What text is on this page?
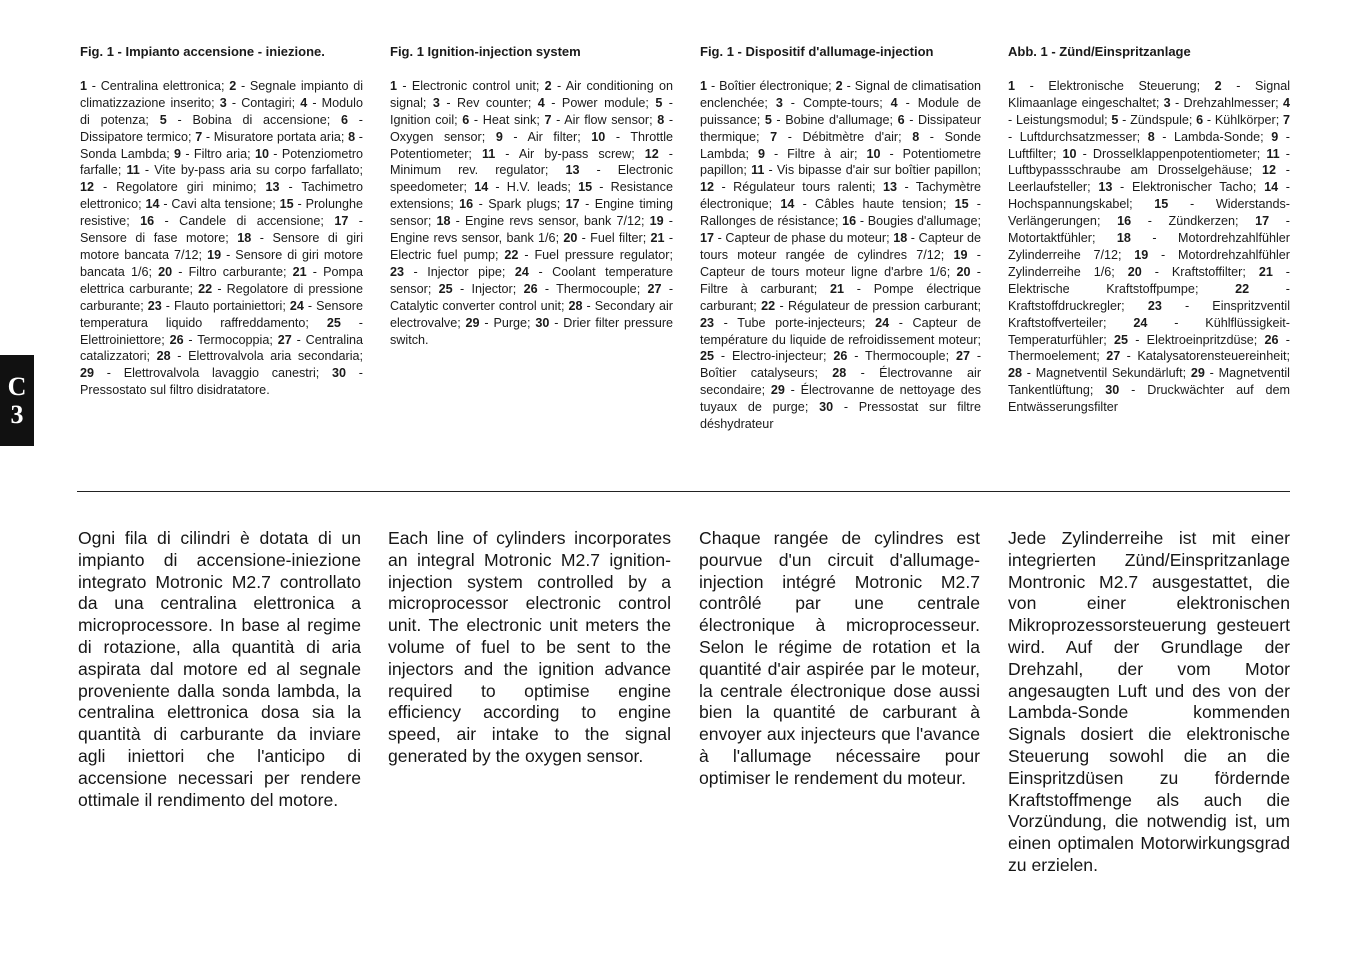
C
3
Fig. 1 - Impianto accensione - iniezione.
1 - Centralina elettronica; 2 - Segnale impianto di climatizzazione inserito; 3 - Contagiri; 4 - Modulo di potenza; 5 - Bobina di accensione; 6 - Dissipatore termico; 7 - Misuratore portata aria; 8 - Sonda Lambda; 9 - Filtro aria; 10 - Potenziometro farfalle; 11 - Vite by-pass aria su corpo farfallato; 12 - Regolatore giri minimo; 13 - Tachimetro elettronico; 14 - Cavi alta tensione; 15 - Prolunghe resistive; 16 - Candele di accensione; 17 - Sensore di fase motore; 18 - Sensore di giri motore bancata 7/12; 19 - Sensore di giri motore bancata 1/6; 20 - Filtro carburante; 21 - Pompa elettrica carburante; 22 - Regolatore di pressione carburante; 23 - Flauto portainiettori; 24 - Sensore temperatura liquido raffreddamento; 25 - Elettroiniettore; 26 - Termocoppia; 27 - Centralina catalizzatori; 28 - Elettrovalvola aria secondaria; 29 - Elettrovalvola lavaggio canestri; 30 - Pressostato sul filtro disidratatore.
Fig. 1 Ignition-injection system
1 - Electronic control unit; 2 - Air conditioning on signal; 3 - Rev counter; 4 - Power module; 5 - Ignition coil; 6 - Heat sink; 7 - Air flow sensor; 8 - Oxygen sensor; 9 - Air filter; 10 - Throttle Potentiometer; 11 - Air by-pass screw; 12 - Minimum rev. regulator; 13 - Electronic speedometer; 14 - H.V. leads; 15 - Resistance extensions; 16 - Spark plugs; 17 - Engine timing sensor; 18 - Engine revs sensor, bank 7/12; 19 - Engine revs sensor, bank 1/6; 20 - Fuel filter; 21 - Electric fuel pump; 22 - Fuel pressure regulator; 23 - Injector pipe; 24 - Coolant temperature sensor; 25 - Injector; 26 - Thermocouple; 27 - Catalytic converter control unit; 28 - Secondary air electrovalve; 29 - Purge; 30 - Drier filter pressure switch.
Fig. 1 - Dispositif d'allumage-injection
1 - Boîtier électronique; 2 - Signal de climatisation enclenchée; 3 - Compte-tours; 4 - Module de puissance; 5 - Bobine d'allumage; 6 - Dissipateur thermique; 7 - Débitmètre d'air; 8 - Sonde Lambda; 9 - Filtre à air; 10 - Potentiometre papillon; 11 - Vis bipasse d'air sur boîtier papillon; 12 - Régulateur tours ralenti; 13 - Tachymètre électronique; 14 - Câbles haute tension; 15 - Rallonges de résistance; 16 - Bougies d'allumage; 17 - Capteur de phase du moteur; 18 - Capteur de tours moteur rangée de cylindres 7/12; 19 - Capteur de tours moteur ligne d'arbre 1/6; 20 - Filtre à carburant; 21 - Pompe électrique carburant; 22 - Régulateur de pression carburant; 23 - Tube porte-injecteurs; 24 - Capteur de température du liquide de refroidissement moteur; 25 - Electro-injecteur; 26 - Thermocouple; 27 - Boîtier catalyseurs; 28 - Électrovanne air secondaire; 29 - Électrovanne de nettoyage des tuyaux de purge; 30 - Pressostat sur filtre déshydrateur
Abb. 1 - Zünd/Einspritzanlage
1 - Elektronische Steuerung; 2 - Signal Klimaanlage eingeschaltet; 3 - Drehzahlmesser; 4 - Leistungsmodul; 5 - Zündspule; 6 - Kühlkörper; 7 - Luftdurchsatzmesser; 8 - Lambda-Sonde; 9 - Luftfilter; 10 - Drosselklappenpotentiometer; 11 - Luftbypassschraube am Drosselgehäuse; 12 - Leerlaufsteller; 13 - Elektronischer Tacho; 14 - Hochspannungskabel; 15 - Widerstands-Verlängerungen; 16 - Zündkerzen; 17 - Motortaktfühler; 18 - Motordrehzahlfühler Zylinderreihe 7/12; 19 - Motordrehzahlfühler Zylinderreihe 1/6; 20 - Kraftstoffilter; 21 - Elektrische Kraftstoffpumpe; 22 - Kraftstoffdruckregler; 23 - Einspritzventil Kraftstoffverteiler; 24 - Kühlflüssigkeit-Temperaturfühler; 25 - Elektroeinpritzdüse; 26 - Thermoelement; 27 - Katalysatorensteuereinheit; 28 - Magnetventil Sekundärluft; 29 - Magnetventil Tankentlüftung; 30 - Druckwächter auf dem Entwässerungsfilter
Ogni fila di cilindri è dotata di un impianto di accensione-iniezione integrato Motronic M2.7 controllato da una centralina elettronica a microprocessore. In base al regime di rotazione, alla quantità di aria aspirata dal motore ed al segnale proveniente dalla sonda lambda, la centralina elettronica dosa sia la quantità di carburante da inviare agli iniettori che l'anticipo di accensione necessari per rendere ottimale il rendimento del motore.
Each line of cylinders incorporates an integral Motronic M2.7 ignition-injection system controlled by a microprocessor electronic control unit. The electronic unit meters the volume of fuel to be sent to the injectors and the ignition advance required to optimise engine efficiency according to engine speed, air intake to the signal generated by the oxygen sensor.
Chaque rangée de cylindres est pourvue d'un circuit d'allumage-injection intégré Motronic M2.7 contrôlé par une centrale électronique à microprocesseur. Selon le régime de rotation et la quantité d'air aspirée par le moteur, la centrale électronique dose aussi bien la quantité de carburant à envoyer aux injecteurs que l'avance à l'allumage nécessaire pour optimiser le rendement du moteur.
Jede Zylinderreihe ist mit einer integrierten Zünd/Einspritzanlage Montronic M2.7 ausgestattet, die von einer elektronischen Mikroprozessorsteuerung gesteuert wird. Auf der Grundlage der Drehzahl, der vom Motor angesaugten Luft und des von der Lambda-Sonde kommenden Signals dosiert die elektronische Steuerung sowohl die an die Einspritzdüsen zu fördernde Kraftstoffmenge als auch die Vorzündung, die notwendig ist, um einen optimalen Motorwirkungsgrad zu erzielen.
